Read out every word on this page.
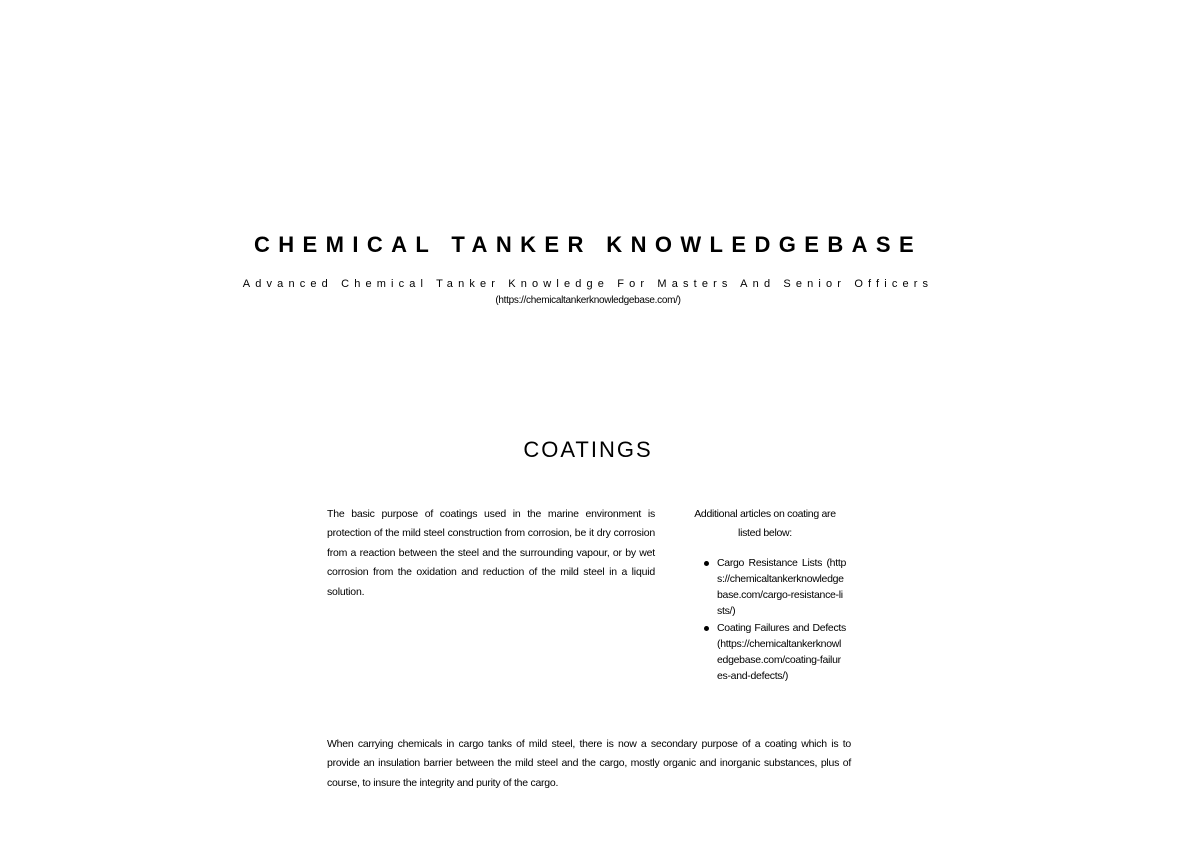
CHEMICAL TANKER KNOWLEDGEBASE
Advanced Chemical Tanker Knowledge For Masters And Senior Officers
(https://chemicaltankerknowledgebase.com/)
COATINGS

The basic purpose of coatings used in the marine environment is protection of the mild steel construction from corrosion, be it dry corrosion from a reaction between the steel and the surrounding vapour, or by wet corrosion from the oxidation and reduction of the mild steel in a liquid solution.

Additional articles on coating are listed below:

Cargo Resistance Lists (https://chemicaltankerknowledgebase.com/cargo-resistance-lists/)
Coating Failures and Defects (https://chemicaltankerknowledgebase.com/coating-failures-and-defects/)

When carrying chemicals in cargo tanks of mild steel, there is now a secondary purpose of a coating which is to provide an insulation barrier between the mild steel and the cargo, mostly organic and inorganic substances, plus of course, to insure the integrity and purity of the cargo.
